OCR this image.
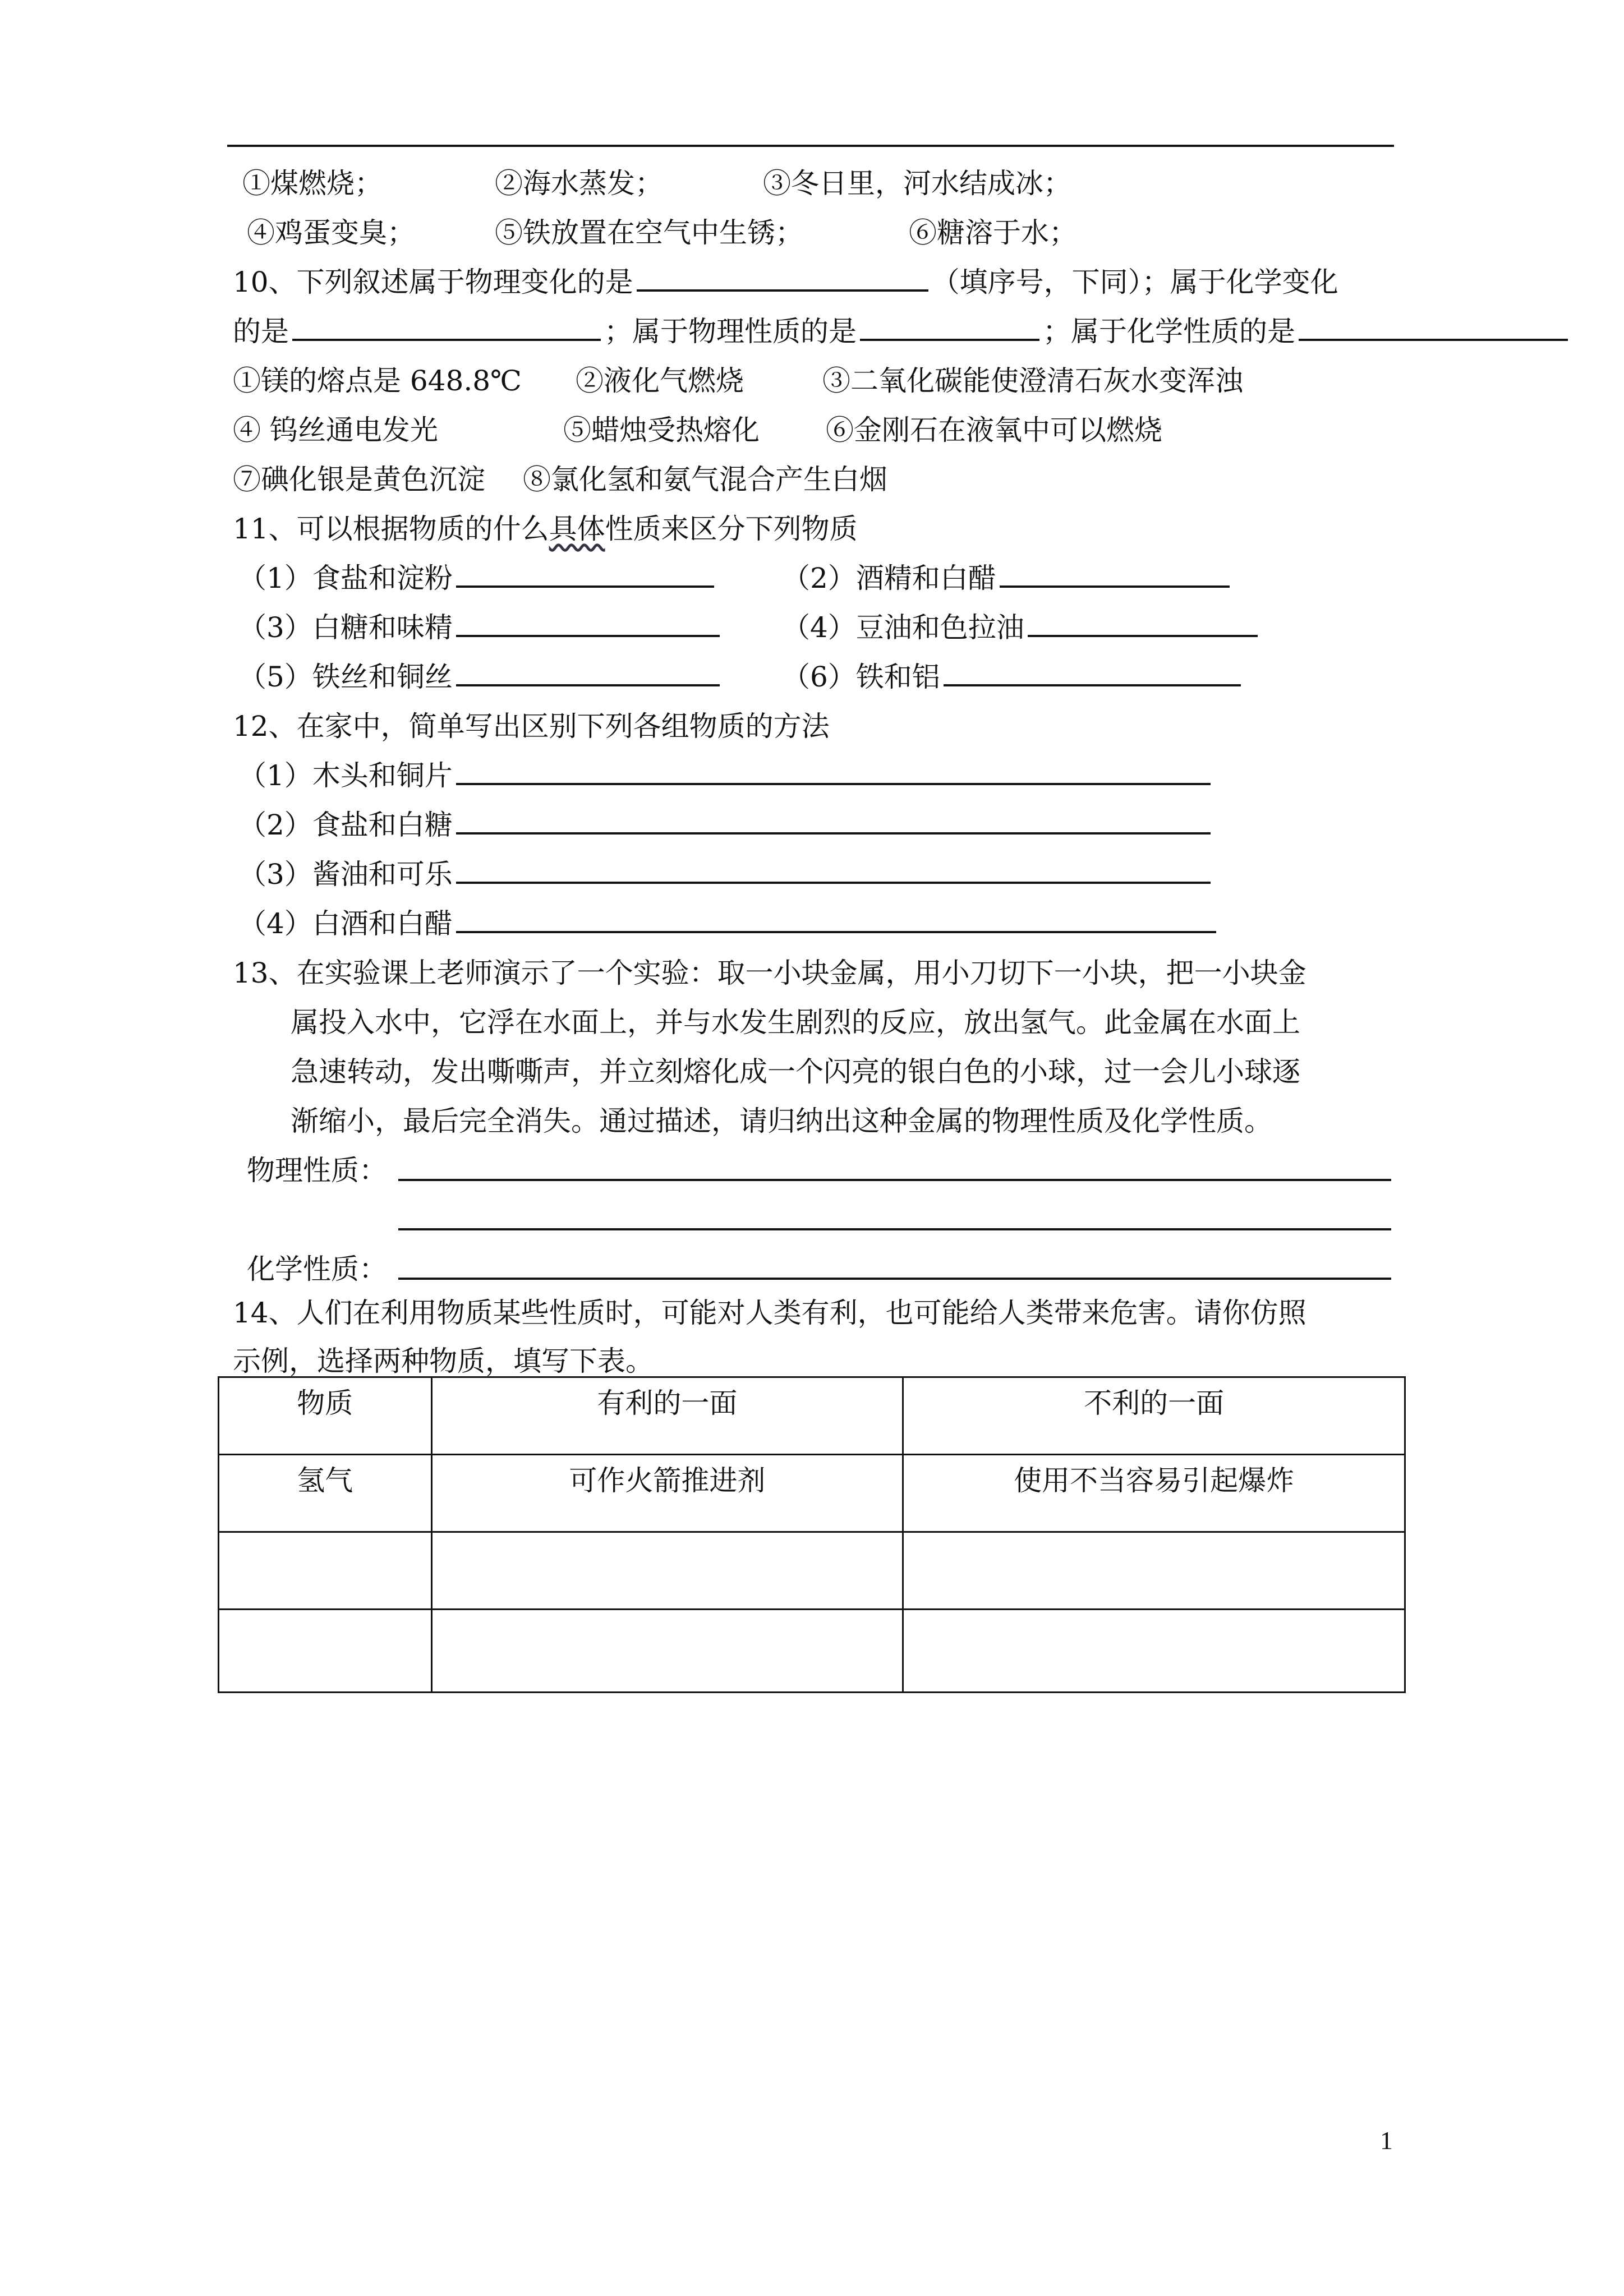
①煤燃烧；	②海水蒸发；	③冬日里，河水结成冰；
④鸡蛋变臭；	⑤铁放置在空气中生锈；	⑥糖溶于水；
10、下列叙述属于物理变化的是	（填序号，下同）；属于化学变化
的是	；属于物理性质的是	；属于化学性质的是
①镁的熔点是 648.8℃ ②液化气燃烧	③二氧化碳能使澄清石灰水变浑浊
④ 钨丝通电发光	⑤蜡烛受热熔化 ⑥金刚石在液氧中可以燃烧
⑦碘化银是黄色沉淀 ⑧氯化氢和氨气混合产生白烟
11、可以根据物质的什么具体性质来区分下列物质
（1）食盐和淀粉	（2）酒精和白醋
（3）白糖和味精	（4）豆油和色拉油
（5）铁丝和铜丝	（6）铁和铝
12、在家中，简单写出区别下列各组物质的方法
（1）木头和铜片
（2）食盐和白糖
（3）酱油和可乐
（4）白酒和白醋
13、在实验课上老师演示了一个实验：取一小块金属，用小刀切下一小块，把一小块金
属投入水中，它浮在水面上，并与水发生剧烈的反应，放出氢气。此金属在水面上
急速转动，发出嘶嘶声，并立刻熔化成一个闪亮的银白色的小球，过一会儿小球逐
渐缩小，最后完全消失。通过描述，请归纳出这种金属的物理性质及化学性质。
物理性质：
化学性质：
14、人们在利用物质某些性质时，可能对人类有利，也可能给人类带来危害。请你仿照
示例，选择两种物质，填写下表。
物质	有利的一面	不利的一面
氢气	可作火箭推进剂	使用不当容易引起爆炸

1
